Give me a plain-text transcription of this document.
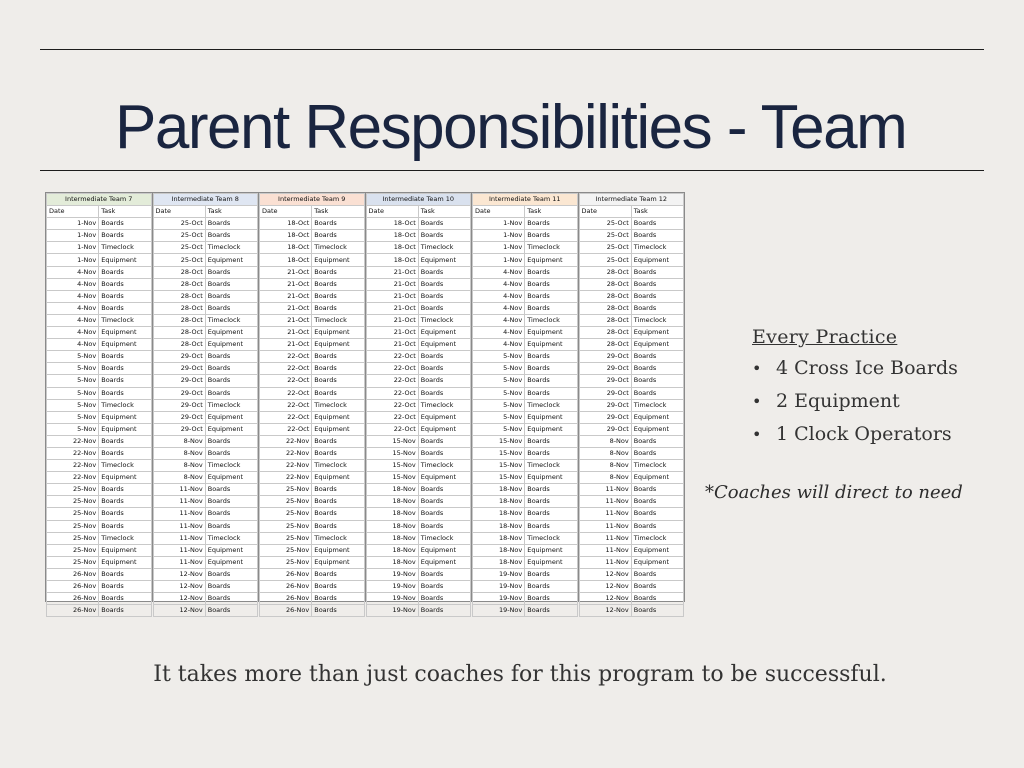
Intermediate Team 7	
Date	Task
1-Nov	Boards
1-Nov	Boards
1-Nov	Timeclock
1-Nov	Equipment
4-Nov	Boards
4-Nov	Boards
4-Nov	Boards
4-Nov	Boards
4-Nov	Timeclock
4-Nov	Equipment
4-Nov	Equipment
5-Nov	Boards
5-Nov	Boards
5-Nov	Boards
5-Nov	Boards
5-Nov	Timeclock
5-Nov	Equipment
5-Nov	Equipment
22-Nov	Boards
22-Nov	Boards
22-Nov	Timeclock
22-Nov	Equipment
25-Nov	Boards
25-Nov	Boards
25-Nov	Boards
25-Nov	Boards
25-Nov	Timeclock
25-Nov	Equipment
25-Nov	Equipment
26-Nov	Boards
26-Nov	Boards
26-Nov	Boards
26-Nov	Boards
Intermediate Team 8	
Date	Task
25-Oct	Boards
25-Oct	Boards
25-Oct	Timeclock
25-Oct	Equipment
28-Oct	Boards
28-Oct	Boards
28-Oct	Boards
28-Oct	Boards
28-Oct	Timeclock
28-Oct	Equipment
28-Oct	Equipment
29-Oct	Boards
29-Oct	Boards
29-Oct	Boards
29-Oct	Boards
29-Oct	Timeclock
29-Oct	Equipment
29-Oct	Equipment
8-Nov	Boards
8-Nov	Boards
8-Nov	Timeclock
8-Nov	Equipment
11-Nov	Boards
11-Nov	Boards
11-Nov	Boards
11-Nov	Boards
11-Nov	Timeclock
11-Nov	Equipment
11-Nov	Equipment
12-Nov	Boards
12-Nov	Boards
12-Nov	Boards
12-Nov	Boards
Intermediate Team 9	
Date	Task
18-Oct	Boards
18-Oct	Boards
18-Oct	Timeclock
18-Oct	Equipment
21-Oct	Boards
21-Oct	Boards
21-Oct	Boards
21-Oct	Boards
21-Oct	Timeclock
21-Oct	Equipment
21-Oct	Equipment
22-Oct	Boards
22-Oct	Boards
22-Oct	Boards
22-Oct	Boards
22-Oct	Timeclock
22-Oct	Equipment
22-Oct	Equipment
22-Nov	Boards
22-Nov	Boards
22-Nov	Timeclock
22-Nov	Equipment
25-Nov	Boards
25-Nov	Boards
25-Nov	Boards
25-Nov	Boards
25-Nov	Timeclock
25-Nov	Equipment
25-Nov	Equipment
26-Nov	Boards
26-Nov	Boards
26-Nov	Boards
26-Nov	Boards
Intermediate Team 10	
Date	Task
18-Oct	Boards
18-Oct	Boards
18-Oct	Timeclock
18-Oct	Equipment
21-Oct	Boards
21-Oct	Boards
21-Oct	Boards
21-Oct	Boards
21-Oct	Timeclock
21-Oct	Equipment
21-Oct	Equipment
22-Oct	Boards
22-Oct	Boards
22-Oct	Boards
22-Oct	Boards
22-Oct	Timeclock
22-Oct	Equipment
22-Oct	Equipment
15-Nov	Boards
15-Nov	Boards
15-Nov	Timeclock
15-Nov	Equipment
18-Nov	Boards
18-Nov	Boards
18-Nov	Boards
18-Nov	Boards
18-Nov	Timeclock
18-Nov	Equipment
18-Nov	Equipment
19-Nov	Boards
19-Nov	Boards
19-Nov	Boards
19-Nov	Boards
Intermediate Team 11	
Date	Task
1-Nov	Boards
1-Nov	Boards
1-Nov	Timeclock
1-Nov	Equipment
4-Nov	Boards
4-Nov	Boards
4-Nov	Boards
4-Nov	Boards
4-Nov	Timeclock
4-Nov	Equipment
4-Nov	Equipment
5-Nov	Boards
5-Nov	Boards
5-Nov	Boards
5-Nov	Boards
5-Nov	Timeclock
5-Nov	Equipment
5-Nov	Equipment
15-Nov	Boards
15-Nov	Boards
15-Nov	Timeclock
15-Nov	Equipment
18-Nov	Boards
18-Nov	Boards
18-Nov	Boards
18-Nov	Boards
18-Nov	Timeclock
18-Nov	Equipment
18-Nov	Equipment
19-Nov	Boards
19-Nov	Boards
19-Nov	Boards
19-Nov	Boards
Intermediate Team 12	
Date	Task
25-Oct	Boards
25-Oct	Boards
25-Oct	Timeclock
25-Oct	Equipment
28-Oct	Boards
28-Oct	Boards
28-Oct	Boards
28-Oct	Boards
28-Oct	Timeclock
28-Oct	Equipment
28-Oct	Equipment
29-Oct	Boards
29-Oct	Boards
29-Oct	Boards
29-Oct	Boards
29-Oct	Timeclock
29-Oct	Equipment
29-Oct	Equipment
8-Nov	Boards
8-Nov	Boards
8-Nov	Timeclock
8-Nov	Equipment
11-Nov	Boards
11-Nov	Boards
11-Nov	Boards
11-Nov	Boards
11-Nov	Timeclock
11-Nov	Equipment
11-Nov	Equipment
12-Nov	Boards
12-Nov	Boards
12-Nov	Boards
12-Nov	Boards
Parent Responsibilities - Team
Every Practice
• 4 Cross Ice Boards
• 2 Equipment
• 1 Clock Operators
*Coaches will direct to need
It takes more than just coaches for this program to be successful.
